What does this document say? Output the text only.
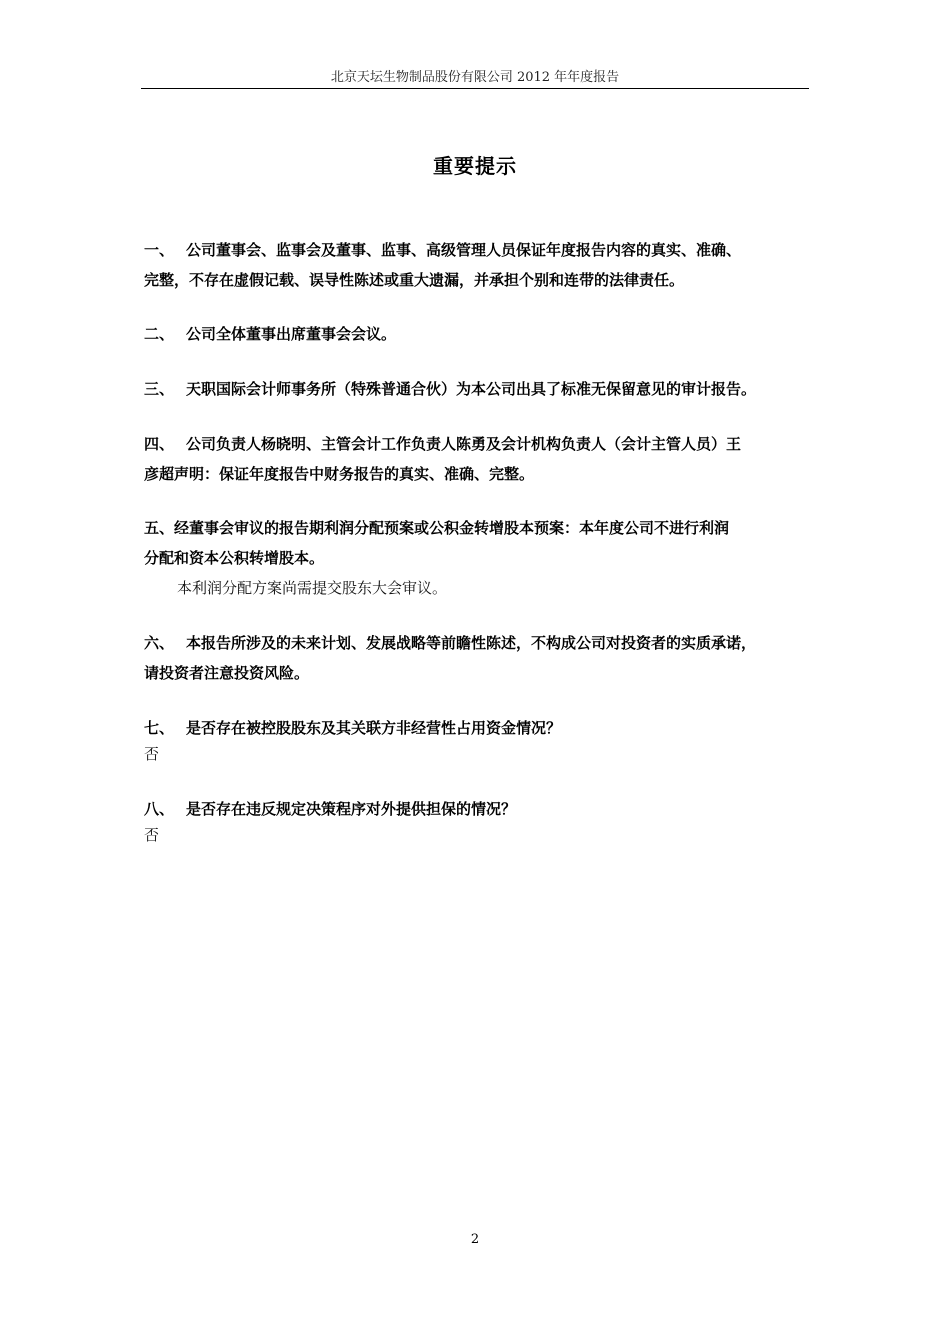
北京天坛生物制品股份有限公司 2012 年年度报告
重要提示
一、 公司董事会、监事会及董事、监事、高级管理人员保证年度报告内容的真实、准确、
完整，不存在虚假记载、误导性陈述或重大遗漏，并承担个别和连带的法律责任。
二、 公司全体董事出席董事会会议。
三、 天职国际会计师事务所（特殊普通合伙）为本公司出具了标准无保留意见的审计报告。
四、 公司负责人杨晓明、主管会计工作负责人陈勇及会计机构负责人（会计主管人员）王
彦超声明：保证年度报告中财务报告的真实、准确、完整。
五、经董事会审议的报告期利润分配预案或公积金转增股本预案：本年度公司不进行利润
分配和资本公积转增股本。
本利润分配方案尚需提交股东大会审议。
六、 本报告所涉及的未来计划、发展战略等前瞻性陈述，不构成公司对投资者的实质承诺，
请投资者注意投资风险。
七、 是否存在被控股股东及其关联方非经营性占用资金情况？
否
八、 是否存在违反规定决策程序对外提供担保的情况？
否
2
